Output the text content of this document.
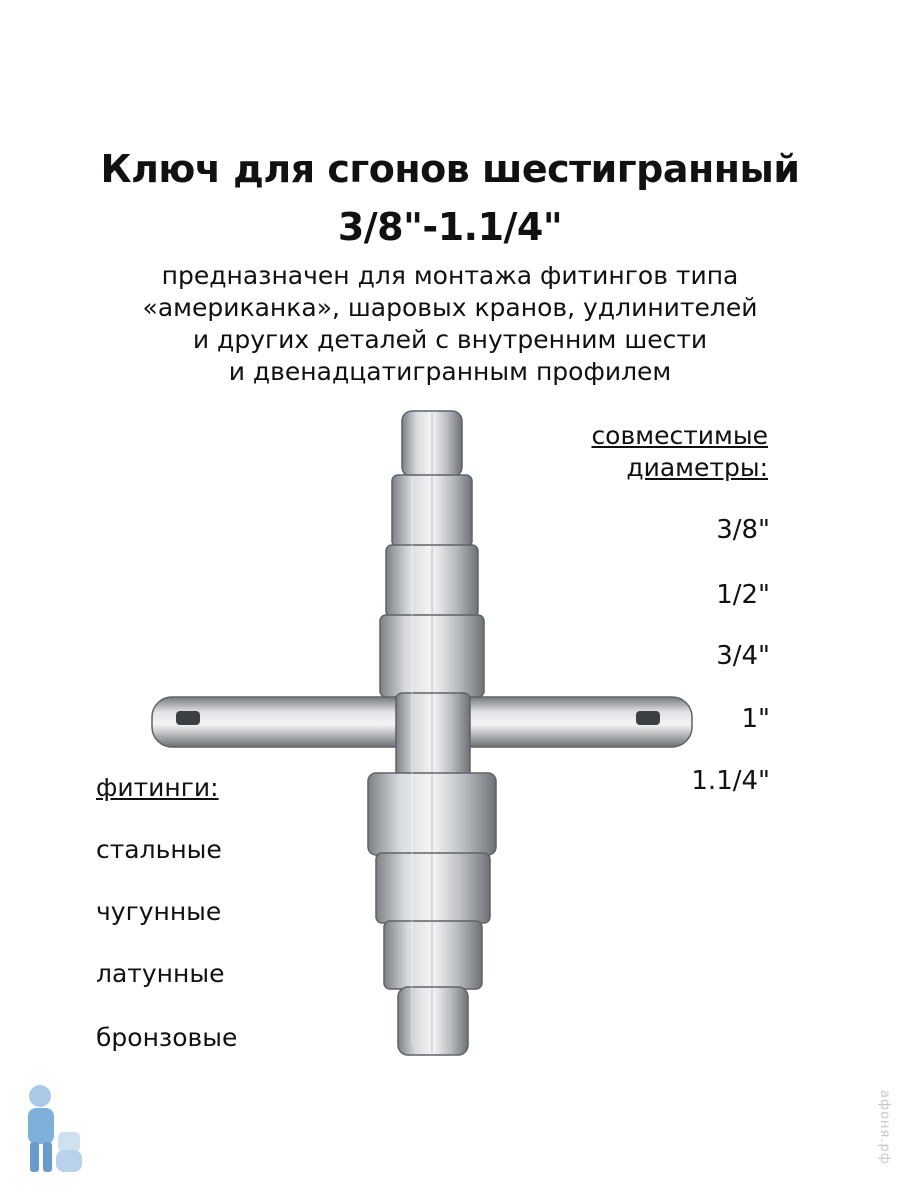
Ключ для сгонов шестигранный
3/8"-1.1/4"
предназначен для монтажа фитингов типа
«американка», шаровых кранов, удлинителей
и других деталей с внутренним шести
и двенадцатигранным профилем
совместимые
диаметры:
3/8"
1/2"
3/4"
1"
1.1/4"
фитинги:
стальные
чугунные
латунные
бронзовые
афоня.рф
